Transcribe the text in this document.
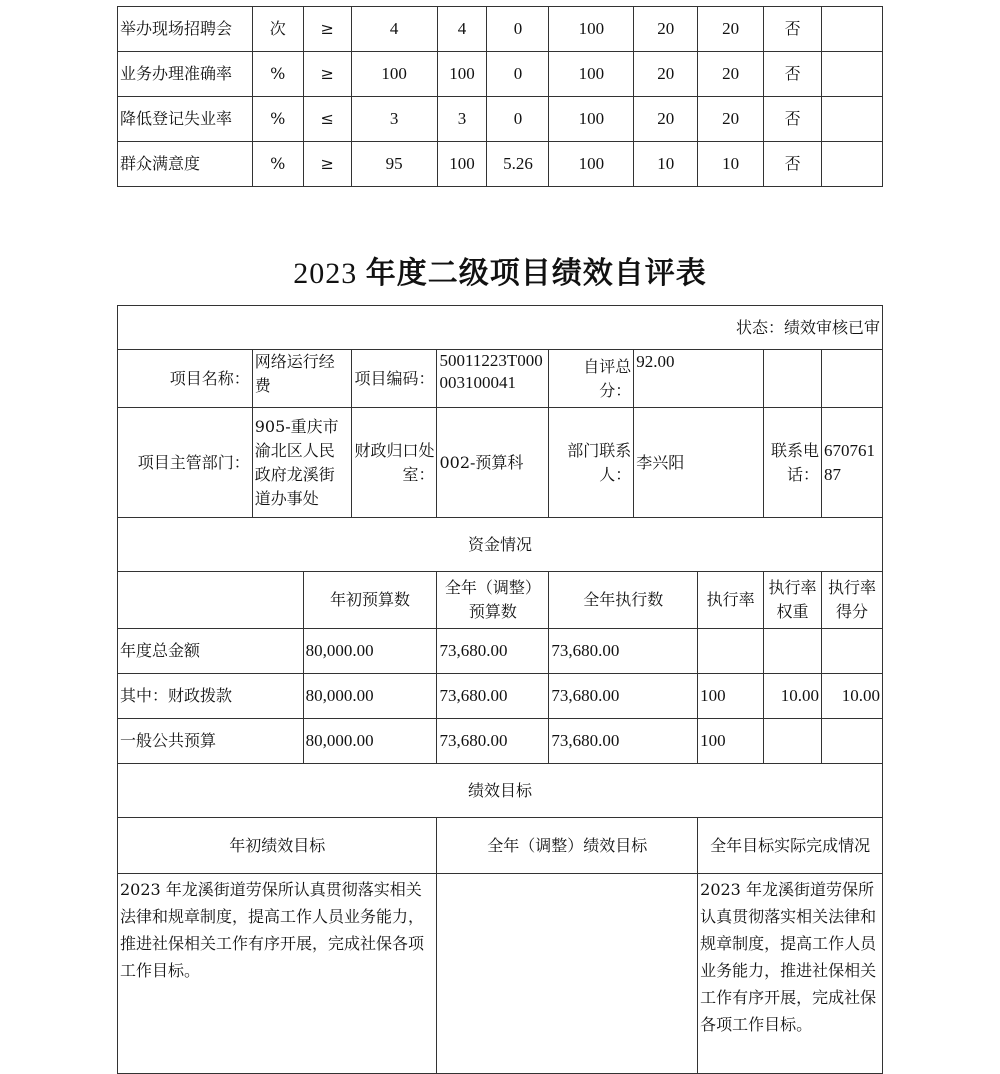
举办现场招聘会	次	≥	4	4	0	100	20	20	否	
业务办理准确率	%	≥	100	100	0	100	20	20	否	
降低登记失业率	%	≤	3	3	0	100	20	20	否	
群众满意度	%	≥	95	100	5.26	100	10	10	否	
2023 年度二级项目绩效自评表
状态：绩效审核已审									
项目名称：	网络运行经费		项目编码：	50011223T000003100041	自评总分：	92.00			
项目主管部门：	905-重庆市渝北区人民政府龙溪街道办事处		财政归口处室：	002-预算科	部门联系人：	李兴阳		联系电话：	67076187
资金情况									
		年初预算数		全年（调整）预算数	全年执行数		执行率	执行率权重	执行率得分
年度总金额		80,000.00		73,680.00	73,680.00				
其中：财政拨款		80,000.00		73,680.00	73,680.00		100	10.00	10.00
一般公共预算		80,000.00		73,680.00	73,680.00		100		
绩效目标									
年初绩效目标				全年（调整）绩效目标			全年目标实际完成情况		
2023 年龙溪街道劳保所认真贯彻落实相关法律和规章制度，提高工作人员业务能力，推进社保相关工作有序开展，完成社保各项工作目标。							2023 年龙溪街道劳保所认真贯彻落实相关法律和规章制度，提高工作人员业务能力，推进社保相关工作有序开展，完成社保各项工作目标。		
